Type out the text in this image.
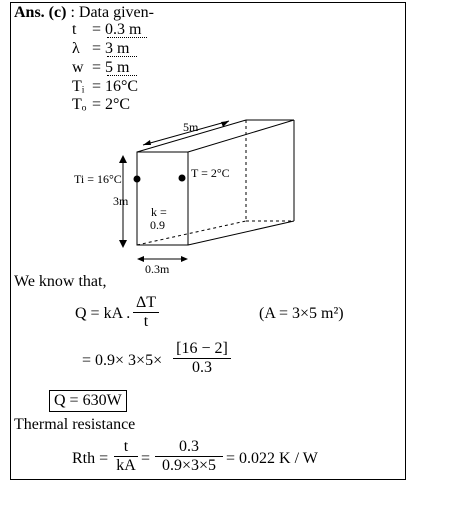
Ans. (c) : Data given-
t = 0.3 m
λ = 3 m
w = 5 m
Tᵢ = 16°C
Tₒ = 2°C
5m
3m
0.3m
Ti = 16°C	T = 2°C
k =
0.9
We know that,
Q = kA . $\frac{\Delta T}{t}$	(A = 3×5 m²)
= $0.9\times 3\times 5\times \frac{[16 - 2]}{0.3}$
Q = 630W
Thermal resistance
Rth = $\frac{t}{kA} = \frac{0.3}{0.9\times 3\times 5} = 0.022$ K / W
